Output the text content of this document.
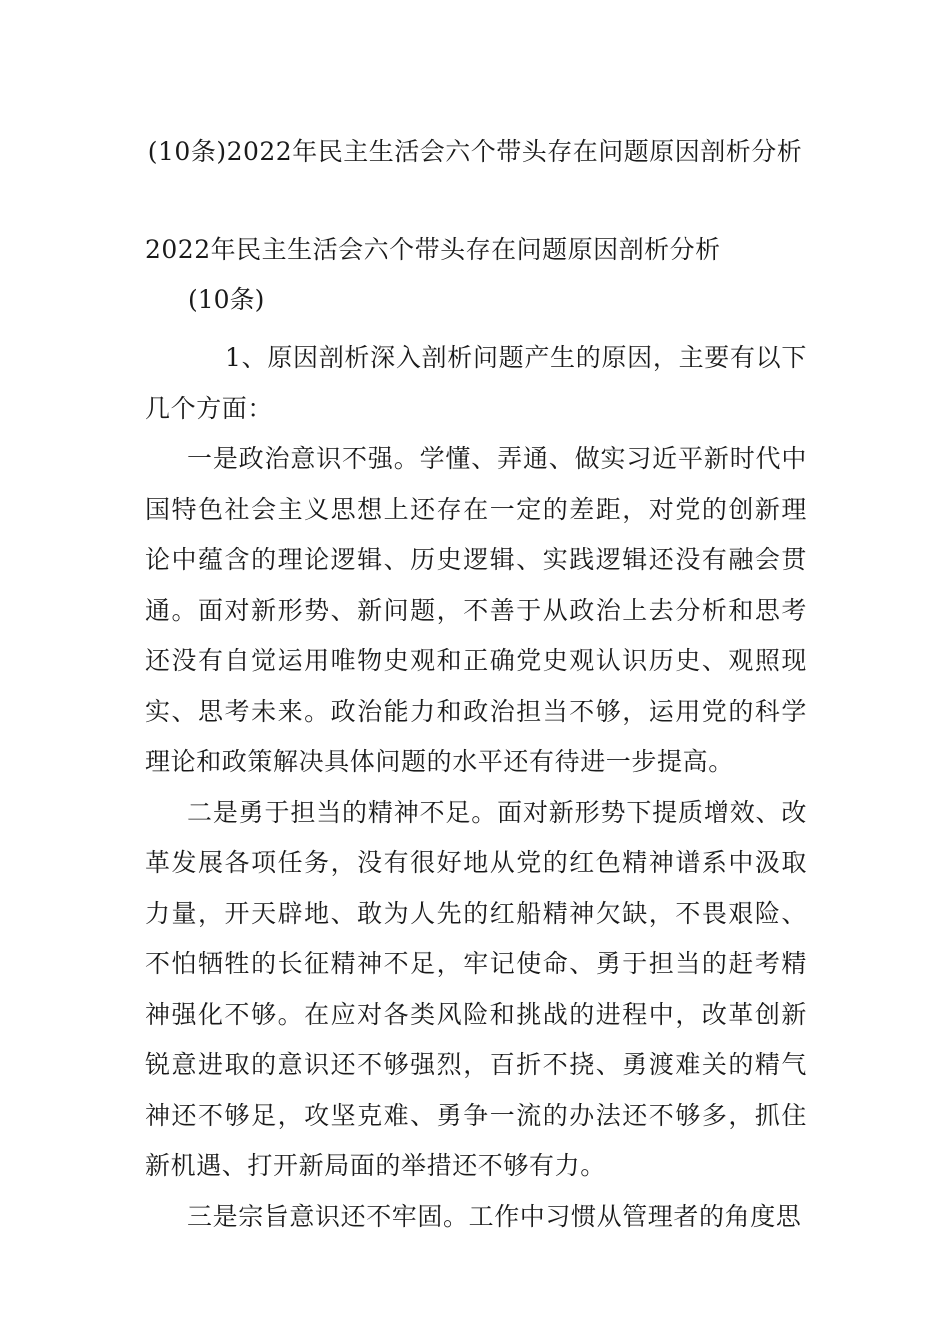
(10条)2022年民主生活会六个带头存在问题原因剖析分析
2022年民主生活会六个带头存在问题原因剖析分析
(10条)

1、原因剖析深入剖析问题产生的原因，主要有以下几个方面：

一是政治意识不强。学懂、弄通、做实习近平新时代中国特色社会主义思想上还存在一定的差距，对党的创新理论中蕴含的理论逻辑、历史逻辑、实践逻辑还没有融会贯通。面对新形势、新问题，不善于从政治上去分析和思考还没有自觉运用唯物史观和正确党史观认识历史、观照现实、思考未来。政治能力和政治担当不够，运用党的科学理论和政策解决具体问题的水平还有待进一步提高。

二是勇于担当的精神不足。面对新形势下提质增效、改革发展各项任务，没有很好地从党的红色精神谱系中汲取力量，开天辟地、敢为人先的红船精神欠缺，不畏艰险、不怕牺牲的长征精神不足，牢记使命、勇于担当的赶考精神强化不够。在应对各类风险和挑战的进程中，改革创新锐意进取的意识还不够强烈，百折不挠、勇渡难关的精气神还不够足，攻坚克难、勇争一流的办法还不够多，抓住新机遇、打开新局面的举措还不够有力。

三是宗旨意识还不牢固。工作中习惯从管理者的角度思
